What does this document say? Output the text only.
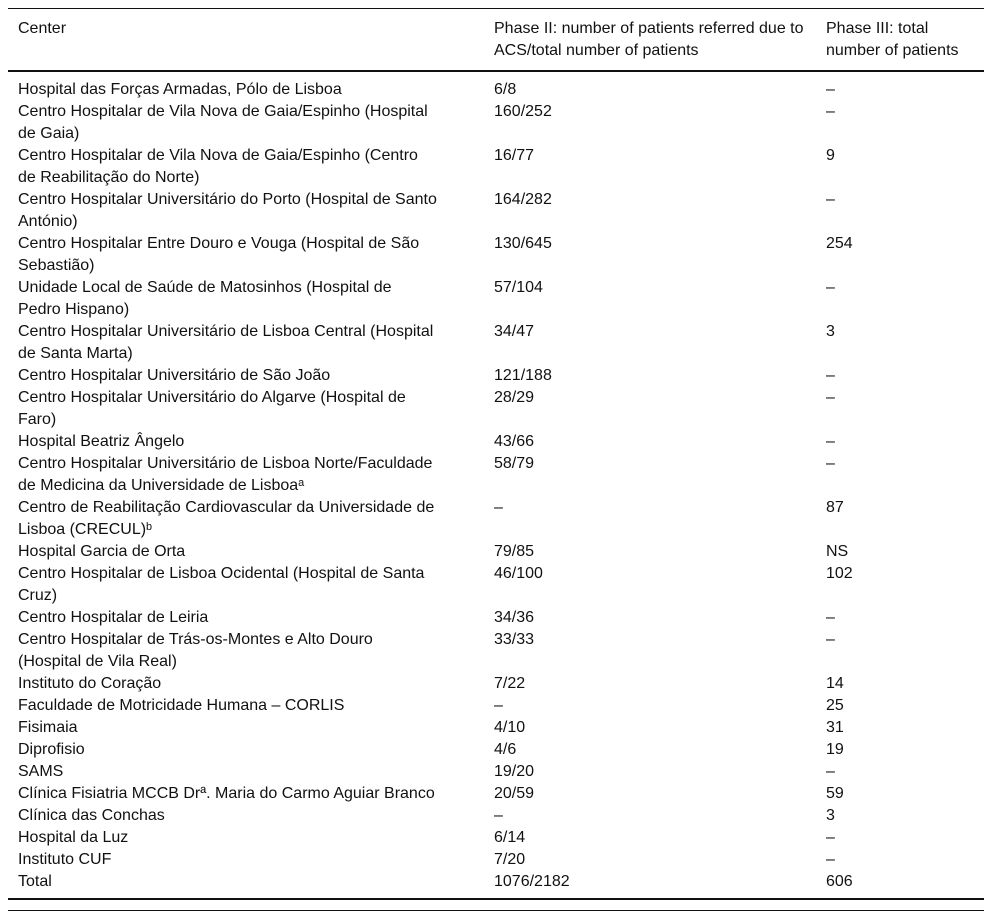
Center	Phase II: number of patients referred due to ACS/total number of patients	Phase III: total number of patients
Hospital das Forças Armadas, Pólo de Lisboa	6/8	–
Centro Hospitalar de Vila Nova de Gaia/Espinho (Hospital de Gaia)	160/252	–
Centro Hospitalar de Vila Nova de Gaia/Espinho (Centro de Reabilitação do Norte)	16/77	9
Centro Hospitalar Universitário do Porto (Hospital de Santo António)	164/282	–
Centro Hospitalar Entre Douro e Vouga (Hospital de São Sebastião)	130/645	254
Unidade Local de Saúde de Matosinhos (Hospital de Pedro Hispano)	57/104	–
Centro Hospitalar Universitário de Lisboa Central (Hospital de Santa Marta)	34/47	3
Centro Hospitalar Universitário de São João	121/188	–
Centro Hospitalar Universitário do Algarve (Hospital de Faro)	28/29	–
Hospital Beatriz Ângelo	43/66	–
Centro Hospitalar Universitário de Lisboa Norte/Faculdade de Medicina da Universidade de Lisboaᵃ	58/79	–
Centro de Reabilitação Cardiovascular da Universidade de Lisboa (CRECUL)ᵇ	–	87
Hospital Garcia de Orta	79/85	NS
Centro Hospitalar de Lisboa Ocidental (Hospital de Santa Cruz)	46/100	102
Centro Hospitalar de Leiria	34/36	–
Centro Hospitalar de Trás-os-Montes e Alto Douro (Hospital de Vila Real)	33/33	–
Instituto do Coração	7/22	14
Faculdade de Motricidade Humana – CORLIS	–	25
Fisimaia	4/10	31
Diprofisio	4/6	19
SAMS	19/20	–
Clínica Fisiatria MCCB Drª. Maria do Carmo Aguiar Branco	20/59	59
Clínica das Conchas	–	3
Hospital da Luz	6/14	–
Instituto CUF	7/20	–
Total	1076/2182	606
